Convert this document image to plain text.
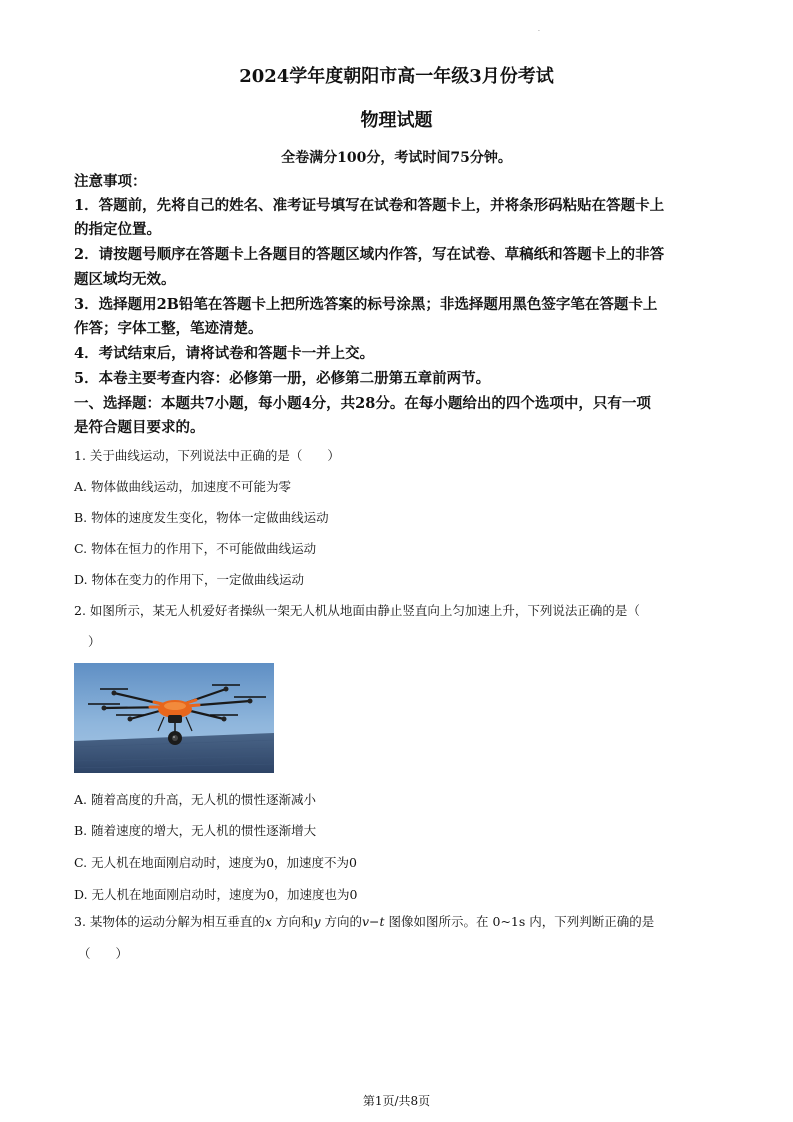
·
2024学年度朝阳市高一年级3月份考试
物理试题
全卷满分100分，考试时间75分钟。
注意事项：
1．答题前，先将自己的姓名、准考证号填写在试卷和答题卡上，并将条形码粘贴在答题卡上
的指定位置。
2．请按题号顺序在答题卡上各题目的答题区域内作答，写在试卷、草稿纸和答题卡上的非答
题区域均无效。
3．选择题用2B铅笔在答题卡上把所选答案的标号涂黑；非选择题用黑色签字笔在答题卡上
作答；字体工整，笔迹清楚。
4．考试结束后，请将试卷和答题卡一并上交。
5．本卷主要考查内容：必修第一册，必修第二册第五章前两节。
一、选择题：本题共7小题，每小题4分，共28分。在每小题给出的四个选项中，只有一项
是符合题目要求的。
1. 关于曲线运动，下列说法中正确的是（　　）
A. 物体做曲线运动，加速度不可能为零
B. 物体的速度发生变化，物体一定做曲线运动
C. 物体在恒力的作用下，不可能做曲线运动
D. 物体在变力的作用下，一定做曲线运动
2. 如图所示，某无人机爱好者操纵一架无人机从地面由静止竖直向上匀加速上升，下列说法正确的是（
）
A. 随着高度的升高，无人机的惯性逐渐减小
B. 随着速度的增大，无人机的惯性逐渐增大
C. 无人机在地面刚启动时，速度为0，加速度不为0
D. 无人机在地面刚启动时，速度为0，加速度也为0
3. 某物体的运动分解为相互垂直的x 方向和y 方向的v−t 图像如图所示。在 0~1s 内，下列判断正确的是
（　　）
第1页/共8页
